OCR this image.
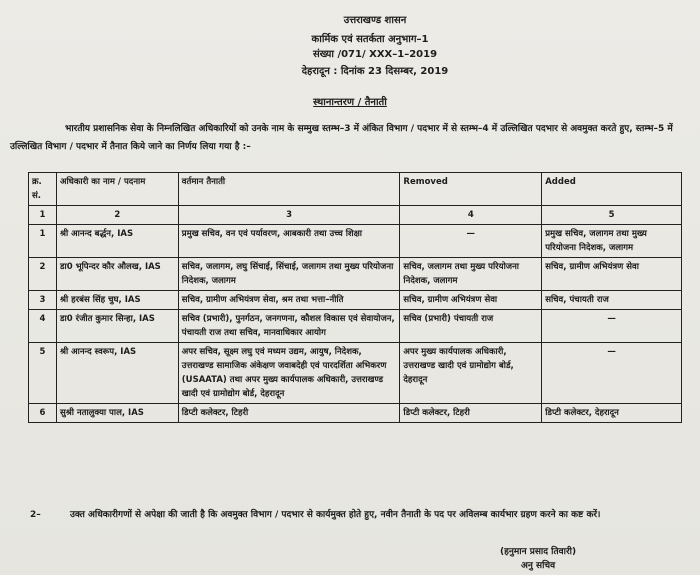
उत्तराखण्ड शासन
कार्मिक एवं सतर्कता अनुभाग–1
संख्या /071/ XXX–1–2019
देहरादून : दिनांक 23 दिसम्बर, 2019
स्थानान्तरण / तैनाती
भारतीय प्रशासनिक सेवा के निम्नलिखित अधिकारियों को उनके नाम के सम्मुख स्तम्भ–3 में अंकित विभाग / पदभार में से स्तम्भ–4 में उल्लिखित पदभार से अवमुक्त करते हुए, स्तम्भ–5 में उल्लिखित विभाग / पदभार में तैनात किये जाने का निर्णय लिया गया है :–
क्र. सं.	अधिकारी का नाम / पदनाम	वर्तमान तैनाती	Removed	Added
1	2	3	4	5
1	श्री आनन्द बर्द्धन, IAS	प्रमुख सचिव, वन एवं पर्यावरण, आबकारी तथा उच्च शिक्षा	—	प्रमुख सचिव, जलागम तथा मुख्य परियोजना निदेशक, जलागम
2	डा0 भूपिन्दर कौर औलख, IAS	सचिव, जलागम, लघु सिंचाई, सिंचाई, जलागम तथा मुख्य परियोजना निदेशक, जलागम	सचिव, जलागम तथा मुख्य परियोजना निदेशक, जलागम	सचिव, ग्रामीण अभियंत्रण सेवा
3	श्री हरबंस सिंह चुघ, IAS	सचिव, ग्रामीण अभियंत्रण सेवा, श्रम तथा भत्ता–नीति	सचिव, ग्रामीण अभियंत्रण सेवा	सचिव, पंचायती राज
4	डा0 रंजीत कुमार सिन्हा, IAS	सचिव (प्रभारी), पुनर्गठन, जनगणना, कौशल विकास एवं सेवायोजन, पंचायती राज तथा सचिव, मानवाधिकार आयोग	सचिव (प्रभारी) पंचायती राज	—
5	श्री आनन्द स्वरूप, IAS	अपर सचिव, सूक्ष्म लघु एवं मध्यम उद्यम, आयुष, निदेशक, उत्तराखण्ड सामाजिक अंकेक्षण जवाबदेही एवं पारदर्शिता अभिकरण (USAATA) तथा अपर मुख्य कार्यपालक अधिकारी, उत्तराखण्ड खादी एवं ग्रामोद्योग बोर्ड, देहरादून	अपर मुख्य कार्यपालक अधिकारी, उत्तराखण्ड खादी एवं ग्रामोद्योग बोर्ड, देहरादून	—
6	सुश्री नतालुक्या पाल, IAS	डिप्टी कलेक्टर, टिहरी	डिप्टी कलेक्टर, टिहरी	डिप्टी कलेक्टर, देहरादून
2–	उक्त अधिकारीगणों से अपेक्षा की जाती है कि अवमुक्त विभाग / पदभार से कार्यमुक्त होते हुए, नवीन तैनाती के पद पर अविलम्ब कार्यभार ग्रहण करने का कष्ट करें।
(हनुमान प्रसाद तिवारी)
अनु सचिव
